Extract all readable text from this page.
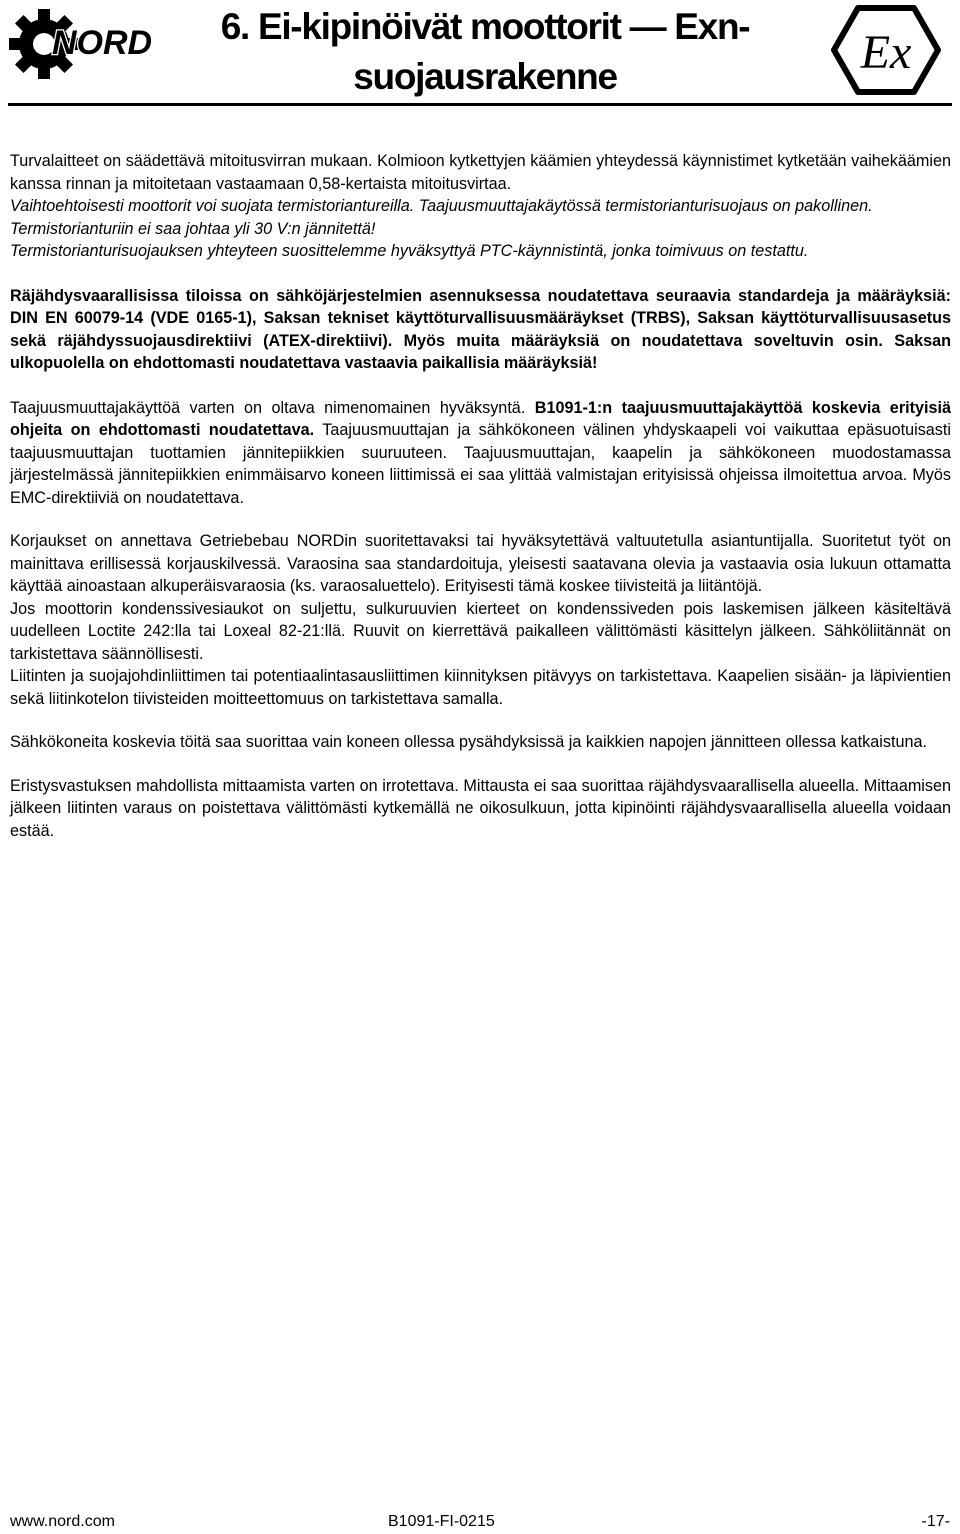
NORD	6. Ei-kipinöivät moottorit — Exn-suojausrakenne	Ex

Turvalaitteet on säädettävä mitoitusvirran mukaan. Kolmioon kytkettyjen käämien yhteydessä käynnistimet kytketään vaihekäämien kanssa rinnan ja mitoitetaan vastaamaan 0,58-kertaista mitoitusvirtaa.

Vaihtoehtoisesti moottorit voi suojata termistoriantureilla. Taajuusmuuttajakäytössä termistorianturisuojaus on pakollinen.

Termistorianturiin ei saa johtaa yli 30 V:n jännitettä!

Termistorianturisuojauksen yhteyteen suosittelemme hyväksyttyä PTC-käynnistintä, jonka toimivuus on testattu.

Räjähdysvaarallisissa tiloissa on sähköjärjestelmien asennuksessa noudatettava seuraavia standardeja ja määräyksiä: DIN EN 60079-14 (VDE 0165-1), Saksan tekniset käyttöturvallisuusmääräykset (TRBS), Saksan käyttöturvallisuusasetus sekä räjähdyssuojausdirektiivi (ATEX-direktiivi). Myös muita määräyksiä on noudatettava soveltuvin osin. Saksan ulkopuolella on ehdottomasti noudatettava vastaavia paikallisia määräyksiä!

Taajuusmuuttajakäyttöä varten on oltava nimenomainen hyväksyntä. B1091-1:n taajuusmuuttajakäyttöä koskevia erityisiä ohjeita on ehdottomasti noudatettava. Taajuusmuuttajan ja sähkökoneen välinen yhdyskaapeli voi vaikuttaa epäsuotuisasti taajuusmuuttajan tuottamien jännitepiikkien suuruuteen. Taajuusmuuttajan, kaapelin ja sähkökoneen muodostamassa järjestelmässä jännitepiikkien enimmäisarvo koneen liittimissä ei saa ylittää valmistajan erityisissä ohjeissa ilmoitettua arvoa. Myös EMC-direktiiviä on noudatettava.

Korjaukset on annettava Getriebebau NORDin suoritettavaksi tai hyväksytettävä valtuutetulla asiantuntijalla. Suoritetut työt on mainittava erillisessä korjauskilvessä. Varaosina saa standardoituja, yleisesti saatavana olevia ja vastaavia osia lukuun ottamatta käyttää ainoastaan alkuperäisvaraosia (ks. varaosaluettelo). Erityisesti tämä koskee tiivisteitä ja liitäntöjä.

Jos moottorin kondenssivesiaukot on suljettu, sulkuruuvien kierteet on kondenssiveden pois laskemisen jälkeen käsiteltävä uudelleen Loctite 242:lla tai Loxeal 82-21:llä. Ruuvit on kierrettävä paikalleen välittömästi käsittelyn jälkeen. Sähköliitännät on tarkistettava säännöllisesti.

Liitinten ja suojajohdinliittimen tai potentiaalintasausliittimen kiinnityksen pitävyys on tarkistettava. Kaapelien sisään- ja läpivientien sekä liitinkotelon tiivisteiden moitteettomuus on tarkistettava samalla.

Sähkökoneita koskevia töitä saa suorittaa vain koneen ollessa pysähdyksissä ja kaikkien napojen jännitteen ollessa katkaistuna.

Eristysvastuksen mahdollista mittaamista varten on irrotettava. Mittausta ei saa suorittaa räjähdysvaarallisella alueella. Mittaamisen jälkeen liitinten varaus on poistettava välittömästi kytkemällä ne oikosulkuun, jotta kipinöinti räjähdysvaarallisella alueella voidaan estää.

www.nord.com	B1091-FI-0215	-17-
